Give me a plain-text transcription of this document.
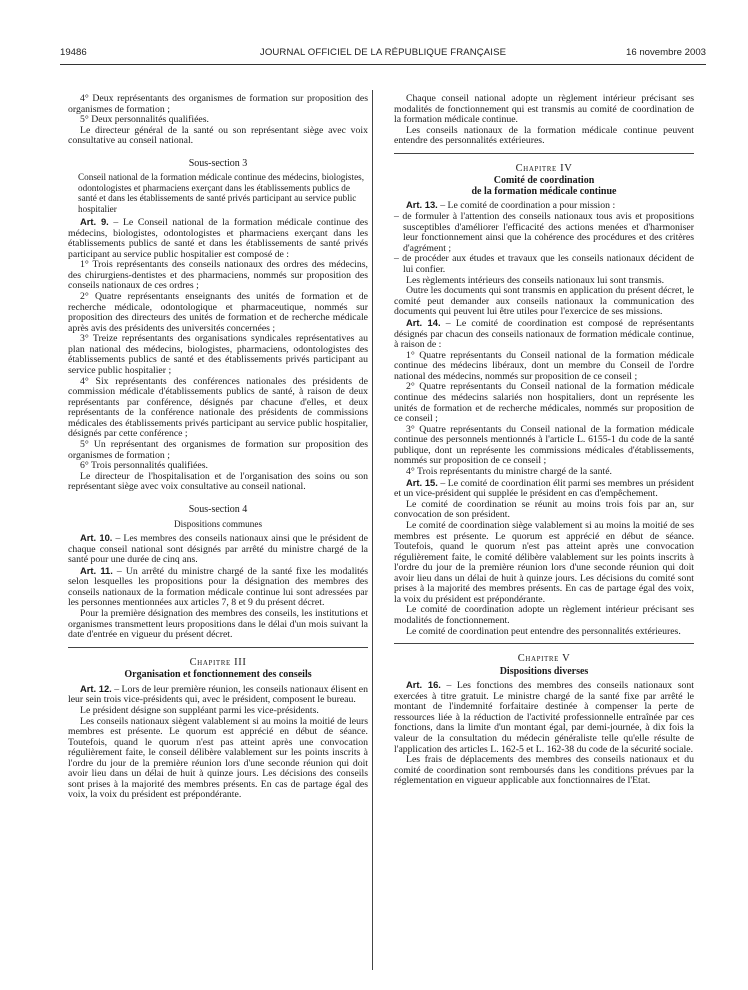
19486	JOURNAL OFFICIEL DE LA RÉPUBLIQUE FRANÇAISE	16 novembre 2003

4° Deux représentants des organismes de formation sur proposition des organismes de formation ;

5° Deux personnalités qualifiées.

Le directeur général de la santé ou son représentant siège avec voix consultative au conseil national.

Sous-section 3

Conseil national de la formation médicale continue des médecins, biologistes, odontologistes et pharmaciens exerçant dans les établissements publics de santé et dans les établissements de santé privés participant au service public hospitalier

Art. 9. – Le Conseil national de la formation médicale continue des médecins, biologistes, odontologistes et pharmaciens exerçant dans les établissements publics de santé et dans les établissements de santé privés participant au service public hospitalier est composé de :

1° Trois représentants des conseils nationaux des ordres des médecins, des chirurgiens-dentistes et des pharmaciens, nommés sur proposition des conseils nationaux de ces ordres ;

2° Quatre représentants enseignants des unités de formation et de recherche médicale, odontologique et pharmaceutique, nommés sur proposition des directeurs des unités de formation et de recherche médicale après avis des présidents des universités concernées ;

3° Treize représentants des organisations syndicales représentatives au plan national des médecins, biologistes, pharmaciens, odontologistes des établissements publics de santé et des établissements privés participant au service public hospitalier ;

4° Six représentants des conférences nationales des présidents de commission médicale d'établissements publics de santé, à raison de deux représentants par conférence, désignés par chacune d'elles, et deux représentants de la conférence nationale des présidents de commissions médicales des établissements privés participant au service public hospitalier, désignés par cette conférence ;

5° Un représentant des organismes de formation sur proposition des organismes de formation ;

6° Trois personnalités qualifiées.

Le directeur de l'hospitalisation et de l'organisation des soins ou son représentant siège avec voix consultative au conseil national.

Sous-section 4
Dispositions communes

Art. 10. – Les membres des conseils nationaux ainsi que le président de chaque conseil national sont désignés par arrêté du ministre chargé de la santé pour une durée de cinq ans.

Art. 11. – Un arrêté du ministre chargé de la santé fixe les modalités selon lesquelles les propositions pour la désignation des membres des conseils nationaux de la formation médicale continue lui sont adressées par les personnes mentionnées aux articles 7, 8 et 9 du présent décret.

Pour la première désignation des membres des conseils, les institutions et organismes transmettent leurs propositions dans le délai d'un mois suivant la date d'entrée en vigueur du présent décret.

Chapitre III
Organisation et fonctionnement des conseils

Art. 12. – Lors de leur première réunion, les conseils nationaux élisent en leur sein trois vice-présidents qui, avec le président, composent le bureau.

Le président désigne son suppléant parmi les vice-présidents.

Les conseils nationaux siègent valablement si au moins la moitié de leurs membres est présente. Le quorum est apprécié en début de séance. Toutefois, quand le quorum n'est pas atteint après une convocation régulièrement faite, le conseil délibère valablement sur les points inscrits à l'ordre du jour de la première réunion lors d'une seconde réunion qui doit avoir lieu dans un délai de huit à quinze jours. Les décisions des conseils sont prises à la majorité des membres présents. En cas de partage égal des voix, la voix du président est prépondérante.

Chaque conseil national adopte un règlement intérieur précisant ses modalités de fonctionnement qui est transmis au comité de coordination de la formation médicale continue.

Les conseils nationaux de la formation médicale continue peuvent entendre des personnalités extérieures.

Chapitre IV
Comité de coordination
de la formation médicale continue

Art. 13. – Le comité de coordination a pour mission :

– de formuler à l'attention des conseils nationaux tous avis et propositions susceptibles d'améliorer l'efficacité des actions menées et d'harmoniser leur fonctionnement ainsi que la cohérence des procédures et des critères d'agrément ;

– de procéder aux études et travaux que les conseils nationaux décident de lui confier.

Les règlements intérieurs des conseils nationaux lui sont transmis.

Outre les documents qui sont transmis en application du présent décret, le comité peut demander aux conseils nationaux la communication des documents qui peuvent lui être utiles pour l'exercice de ses missions.

Art. 14. – Le comité de coordination est composé de représentants désignés par chacun des conseils nationaux de formation médicale continue, à raison de :

1° Quatre représentants du Conseil national de la formation médicale continue des médecins libéraux, dont un membre du Conseil de l'ordre national des médecins, nommés sur proposition de ce conseil ;

2° Quatre représentants du Conseil national de la formation médicale continue des médecins salariés non hospitaliers, dont un représente les unités de formation et de recherche médicales, nommés sur proposition de ce conseil ;

3° Quatre représentants du Conseil national de la formation médicale continue des personnels mentionnés à l'article L. 6155-1 du code de la santé publique, dont un représente les commissions médicales d'établissements, nommés sur proposition de ce conseil ;

4° Trois représentants du ministre chargé de la santé.

Art. 15. – Le comité de coordination élit parmi ses membres un président et un vice-président qui supplée le président en cas d'empêchement.

Le comité de coordination se réunit au moins trois fois par an, sur convocation de son président.

Le comité de coordination siège valablement si au moins la moitié de ses membres est présente. Le quorum est apprécié en début de séance. Toutefois, quand le quorum n'est pas atteint après une convocation régulièrement faite, le comité délibère valablement sur les points inscrits à l'ordre du jour de la première réunion lors d'une seconde réunion qui doit avoir lieu dans un délai de huit à quinze jours. Les décisions du comité sont prises à la majorité des membres présents. En cas de partage égal des voix, la voix du président est prépondérante.

Le comité de coordination adopte un règlement intérieur précisant ses modalités de fonctionnement.

Le comité de coordination peut entendre des personnalités extérieures.

Chapitre V
Dispositions diverses

Art. 16. – Les fonctions des membres des conseils nationaux sont exercées à titre gratuit. Le ministre chargé de la santé fixe par arrêté le montant de l'indemnité forfaitaire destinée à compenser la perte de ressources liée à la réduction de l'activité professionnelle entraînée par ces fonctions, dans la limite d'un montant égal, par demi-journée, à dix fois la valeur de la consultation du médecin généraliste telle qu'elle résulte de l'application des articles L. 162-5 et L. 162-38 du code de la sécurité sociale.

Les frais de déplacements des membres des conseils nationaux et du comité de coordination sont remboursés dans les conditions prévues par la réglementation en vigueur applicable aux fonctionnaires de l'Etat.
